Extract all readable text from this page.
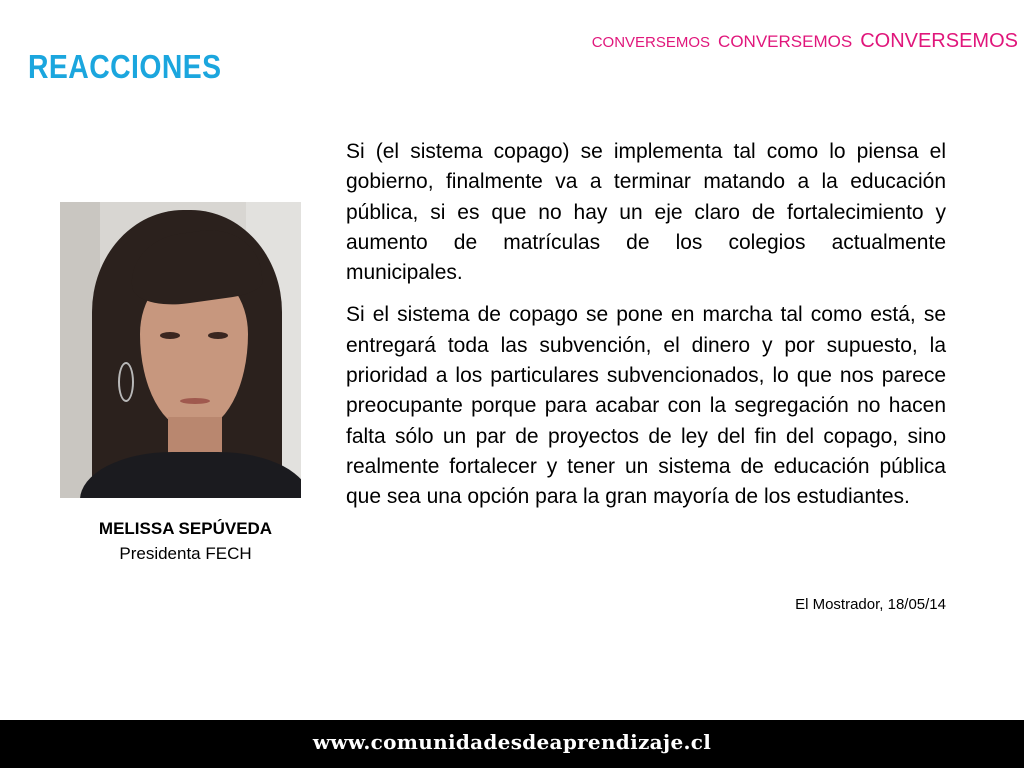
REACCIONES
CONVERSEMOS CONVERSEMOS CONVERSEMOS
MELISSA SEPÚVEDA
Presidenta FECH

Si (el sistema copago) se implementa tal como lo piensa el gobierno, finalmente va a terminar matando a la educación pública, si es que no hay un eje claro de fortalecimiento y aumento de matrículas de los colegios actualmente municipales.

Si el sistema de copago se pone en marcha tal como está, se entregará toda las subvención, el dinero y por supuesto, la prioridad a los particulares subvencionados, lo que nos parece preocupante porque para acabar con la segregación no hacen falta sólo un par de proyectos de ley del fin del copago, sino realmente fortalecer y tener un sistema de educación pública que sea una opción para la gran mayoría de los estudiantes.

El Mostrador, 18/05/14
www.comunidadesdeaprendizaje.cl
